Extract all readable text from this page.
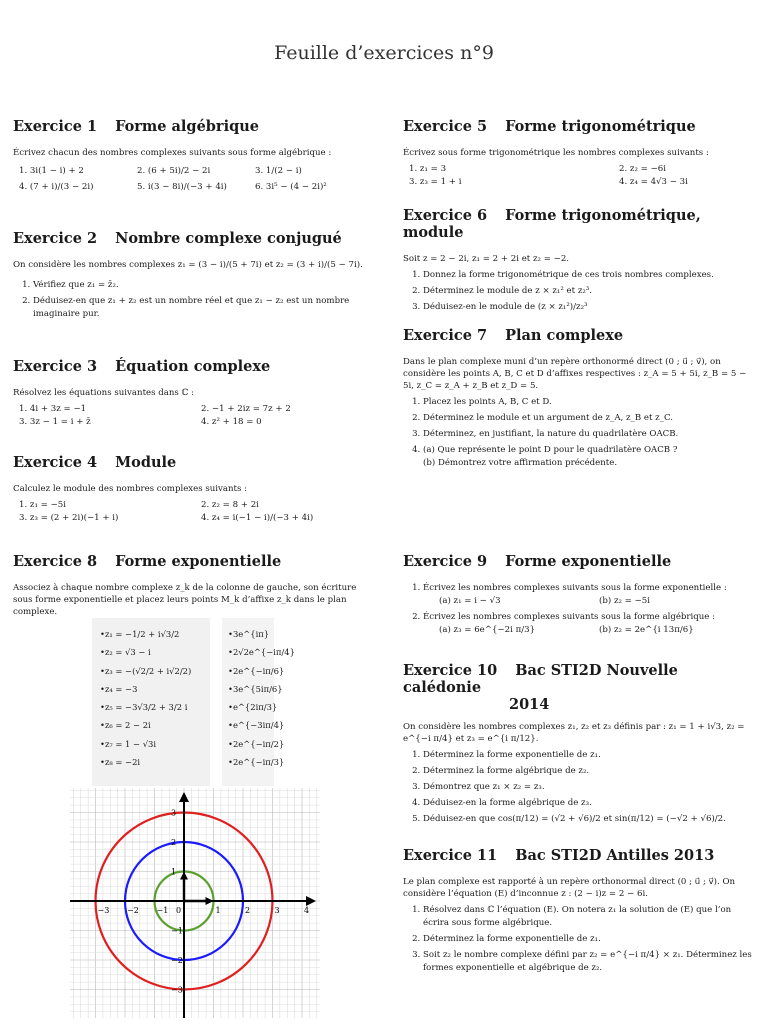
Feuille d’exercices n°9
Exercice 1 Forme algébrique

Écrivez chacun des nombres complexes suivants sous forme algébrique :

1. 3i(1 − i) + 2	2. (6 + 5i)/2 − 2i	3. 1/(2 − i)
4. (7 + i)/(3 − 2i)	5. i(3 − 8i)/(−3 + 4i)	6. 3i⁵ − (4 − 2i)²
Exercice 2 Nombre complexe conjugué

On considère les nombres complexes z₁ = (3 − i)/(5 + 7i) et z₂ = (3 + i)/(5 − 7i).

1. Vérifiez que z₁ = z̄₂.
2. Déduisez-en que z₁ + z₂ est un nombre réel et que z₁ − z₂ est un nombre imaginaire pur.
Exercice 3 Équation complexe

Résolvez les équations suivantes dans ℂ :

1. 4i + 3z = −1	2. −1 + 2iz = 7z + 2
3. 3z − 1 = i + z̄	4. z² + 18 = 0
Exercice 4 Module

Calculez le module des nombres complexes suivants :

1. z₁ = −5i	2. z₂ = 8 + 2i
3. z₃ = (2 + 2i)(−1 + i)	4. z₄ = i(−1 − i)/(−3 + 4i)
Exercice 8 Forme exponentielle

Associez à chaque nombre complexe z_k de la colonne de gauche, son écriture sous forme exponentielle et placez leurs points M_k d’affixe z_k dans le plan complexe.

•z₁ = −1/2 + i√3/2
•z₂ = √3 − i
•z₃ = −(√2/2 + i√2/2)
•z₄ = −3
•z₅ = −3√3/2 + 3/2 i
•z₆ = 2 − 2i
•z₇ = 1 − √3i
•z₈ = −2i
•3e^{iπ}
•2√2e^{−iπ/4}
•2e^{−iπ/6}
•3e^{5iπ/6}
•e^{2iπ/3}
•e^{−3iπ/4}
•2e^{−iπ/2}
•2e^{−iπ/3}
−3 −2 −1 0	1	2	3	4
3
2
1
−1
−2
−3
Exercice 5 Forme trigonométrique

Écrivez sous forme trigonométrique les nombres complexes suivants :

1. z₁ = 3	2. z₂ = −6i
3. z₃ = 1 + i	4. z₄ = 4√3 − 3i
Exercice 6 Forme trigonométrique, module

Soit z = 2 − 2i, z₁ = 2 + 2i et z₂ = −2.

1. Donnez la forme trigonométrique de ces trois nombres complexes.
2. Déterminez le module de z × z₁² et z₂³.
3. Déduisez-en le module de (z × z₁²)/z₂³
Exercice 7 Plan complexe

Dans le plan complexe muni d’un repère orthonormé direct (0 ; u⃗ ; v⃗), on considère les points A, B, C et D d’affixes respectives : z_A = 5 + 5i, z_B = 5 − 5i, z_C = z_A + z_B et z_D = 5.

1. Placez les points A, B, C et D.
2. Déterminez le module et un argument de z_A, z_B et z_C.
3. Déterminez, en justifiant, la nature du quadrilatère OACB.
4. (a) Que représente le point D pour le quadrilatère OACB ?
(b) Démontrez votre affirmation précédente.
Exercice 9 Forme exponentielle
1. Écrivez les nombres complexes suivants sous la forme exponentielle :
(a) z₁ = i − √3	(b) z₂ = −5i
2. Écrivez les nombres complexes suivants sous la forme algébrique :
(a) z₃ = 6e^{−2i π/3}	(b) z₂ = 2e^{i 13π/6}
Exercice 10 Bac STI2D Nouvelle calédonie
2014

On considère les nombres complexes z₁, z₂ et z₃ définis par : z₁ = 1 + i√3, z₂ = e^{−i π/4} et z₃ = e^{i π/12}.

1. Déterminez la forme exponentielle de z₁.
2. Déterminez la forme algébrique de z₂.
3. Démontrez que z₁ × z₂ = z₃.
4. Déduisez-en la forme algébrique de z₃.
5. Déduisez-en que cos(π/12) = (√2 + √6)/2 et sin(π/12) = (−√2 + √6)/2.
Exercice 11 Bac STI2D Antilles 2013

Le plan complexe est rapporté à un repère orthonormal direct (0 ; u⃗ ; v⃗). On considère l’équation (E) d’inconnue z : (2 − i)z = 2 − 6i.

1. Résolvez dans ℂ l’équation (E). On notera z₁ la solution de (E) que l’on écrira sous forme algébrique.
2. Déterminez la forme exponentielle de z₁.
3. Soit z₂ le nombre complexe défini par z₂ = e^{−i π/4} × z₁. Déterminez les formes exponentielle et algébrique de z₂.
